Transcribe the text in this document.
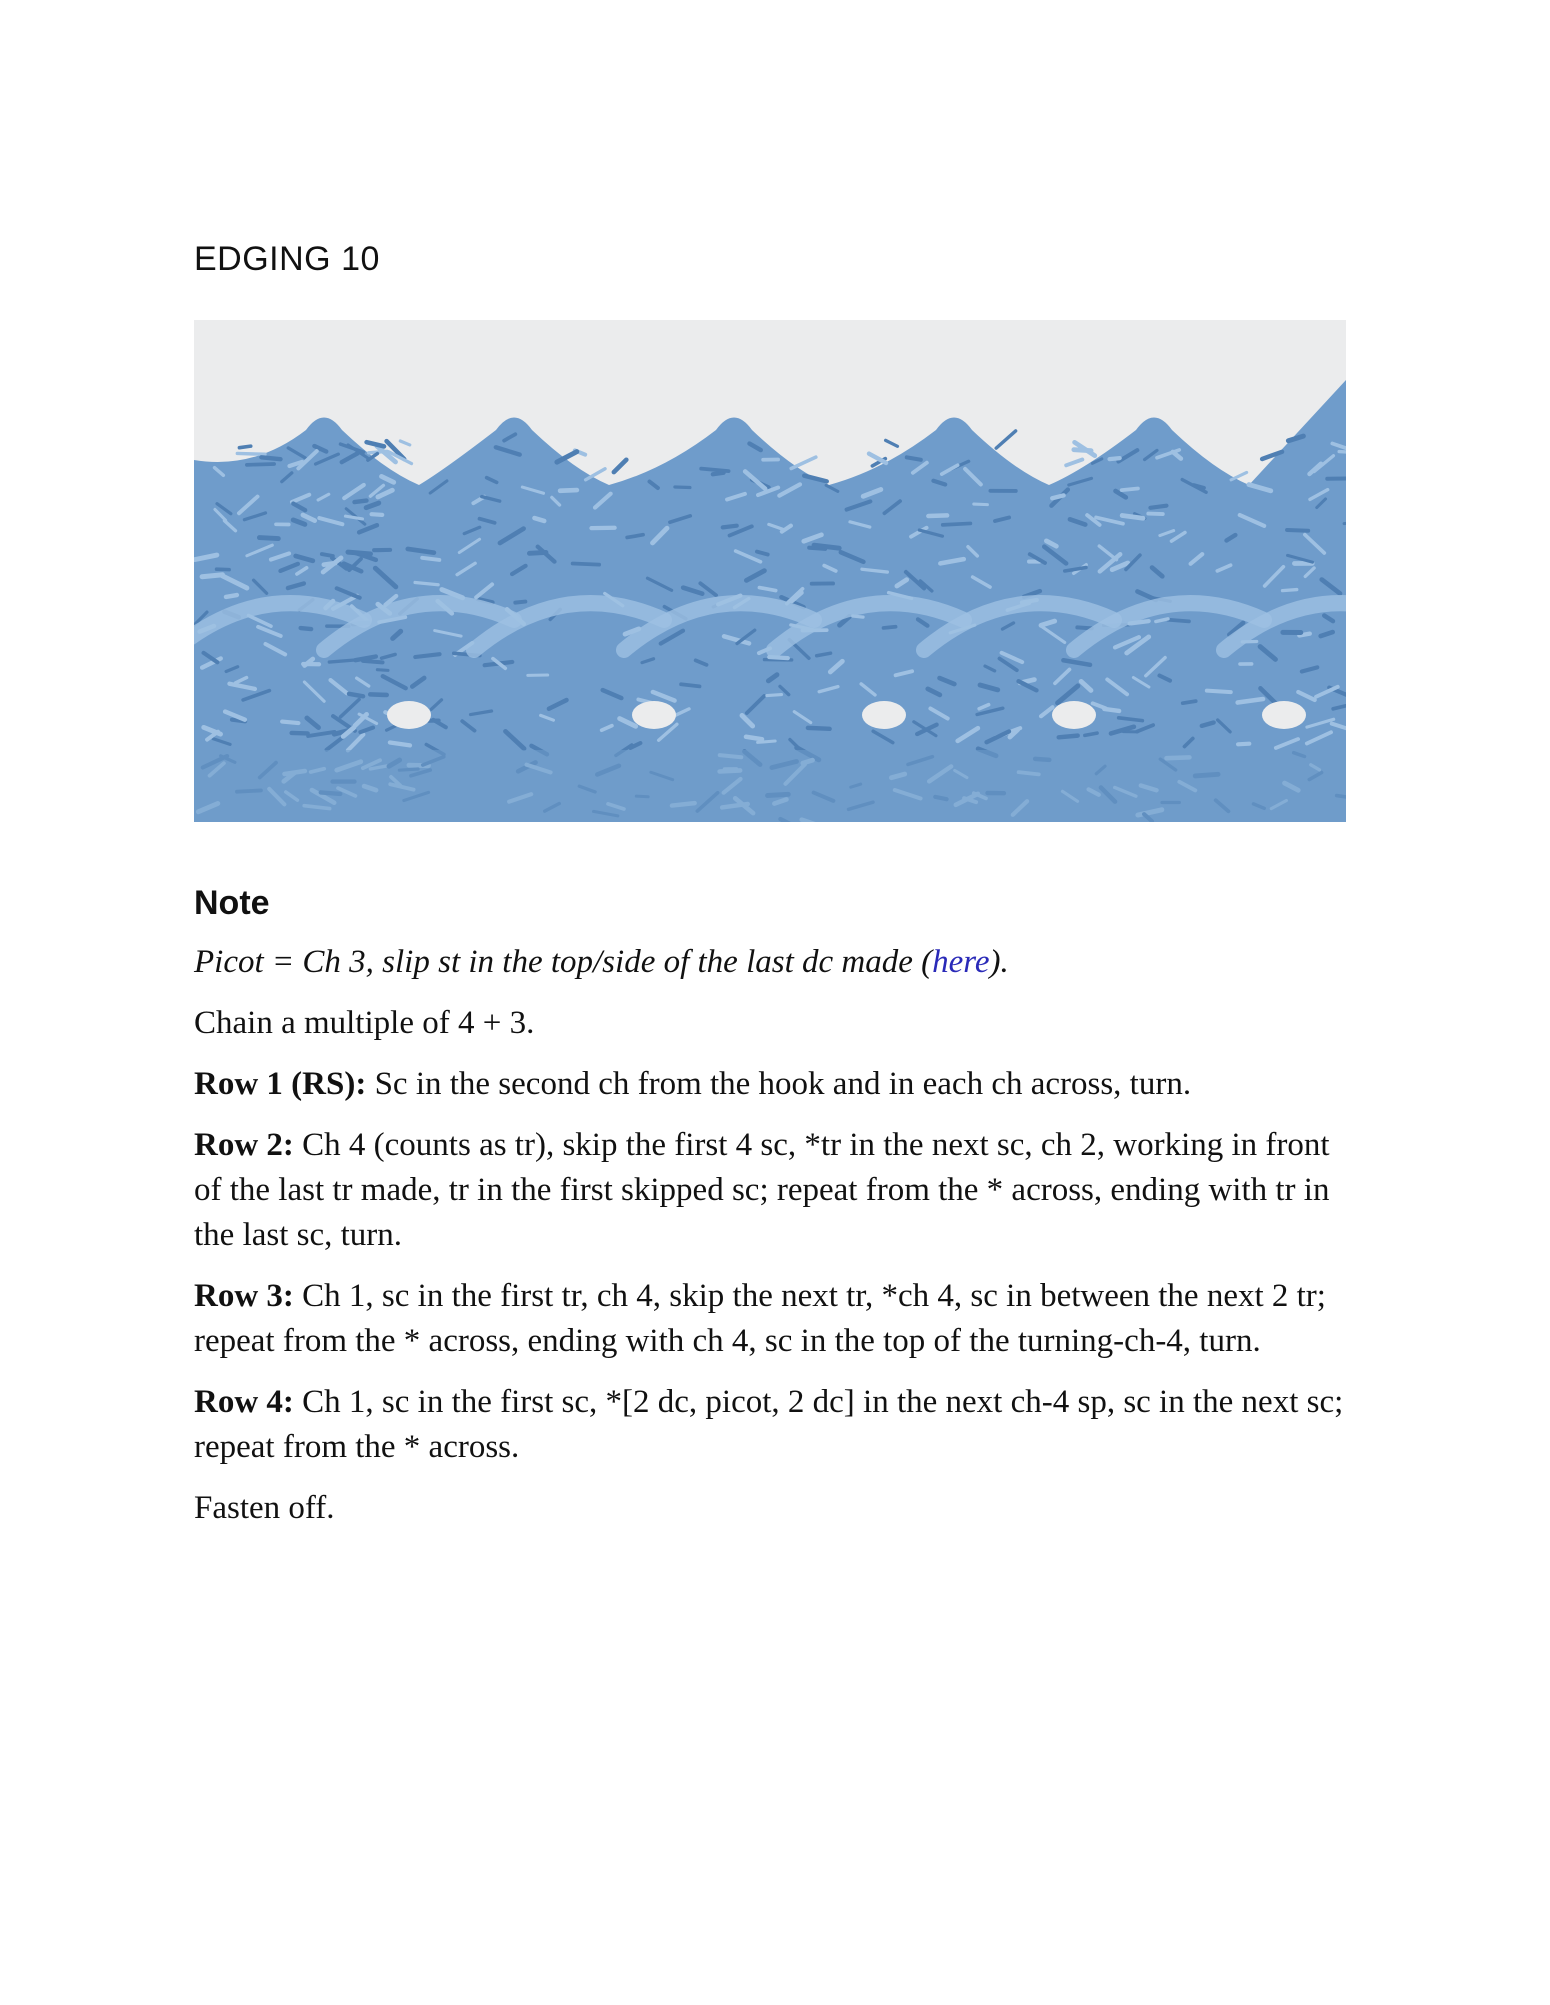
EDGING 10
Note

Picot = Ch 3, slip st in the top/side of the last dc made (here).

Chain a multiple of 4 + 3.

Row 1 (RS): Sc in the second ch from the hook and in each ch across, turn.

Row 2: Ch 4 (counts as tr), skip the first 4 sc, *tr in the next sc, ch 2, working in front of the last tr made, tr in the first skipped sc; repeat from the * across, ending with tr in the last sc, turn.

Row 3: Ch 1, sc in the first tr, ch 4, skip the next tr, *ch 4, sc in between the next 2 tr; repeat from the * across, ending with ch 4, sc in the top of the turning-ch-4, turn.

Row 4: Ch 1, sc in the first sc, *[2 dc, picot, 2 dc] in the next ch-4 sp, sc in the next sc; repeat from the * across.

Fasten off.
